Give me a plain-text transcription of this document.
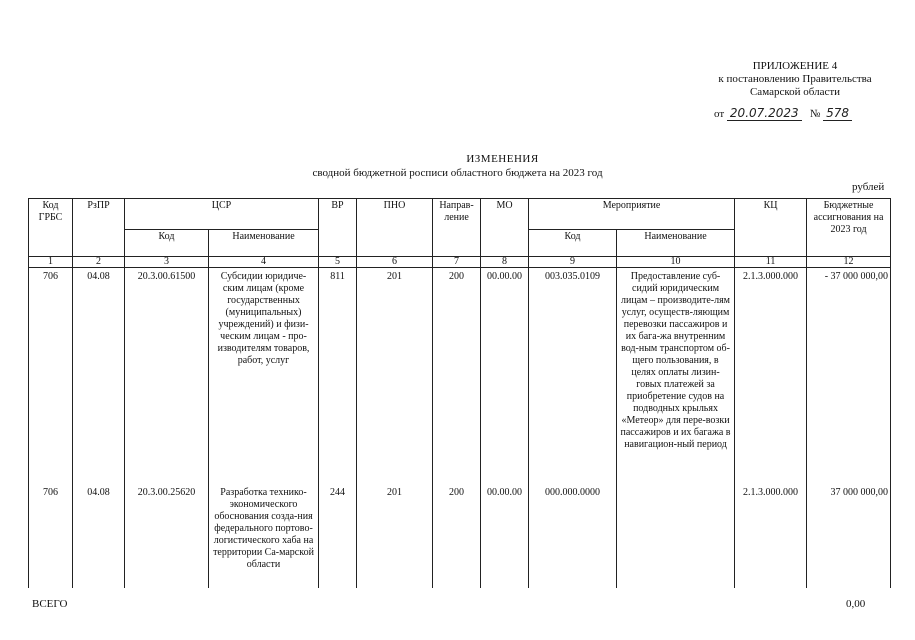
ПРИЛОЖЕНИЕ 4
к постановлению Правительства
Самарской области
от 20.07.2023 № 578
ИЗМЕНЕНИЯ
сводной бюджетной росписи областного бюджета на 2023 год
рублей
Код ГРБС	РзПР	ЦСР		ВР	ПНО	Направ-ление	МО	Мероприятие		КЦ	Бюджетные ассигнования на 2023 год
		Код	Наименование					Код	Наименование		
1	2	3	4	5	6	7	8	9	10	11	12
706	04.08	20.3.00.61500	Субсидии юридиче-ским лицам (кроме государственных (муниципальных) учреждений) и физи-ческим лицам - про-изводителям товаров, работ, услуг	811	201	200	00.00.00	003.035.0109	Предоставление суб-сидий юридическим лицам – производите-лям услуг, осуществ-ляющим перевозки пассажиров и их бага-жа внутренним вод-ным транспортом об-щего пользования, в целях оплаты лизин-говых платежей за приобретение судов на подводных крыльях «Метеор» для пере-возки пассажиров и их багажа в навигацион-ный период	2.1.3.000.000	- 37 000 000,00
706	04.08	20.3.00.25620	Разработка технико-экономического обоснования созда-ния федерального портово-логистического хаба на территории Са-марской области	244	201	200	00.00.00	000.000.0000		2.1.3.000.000	37 000 000,00
ВСЕГО	0,00
